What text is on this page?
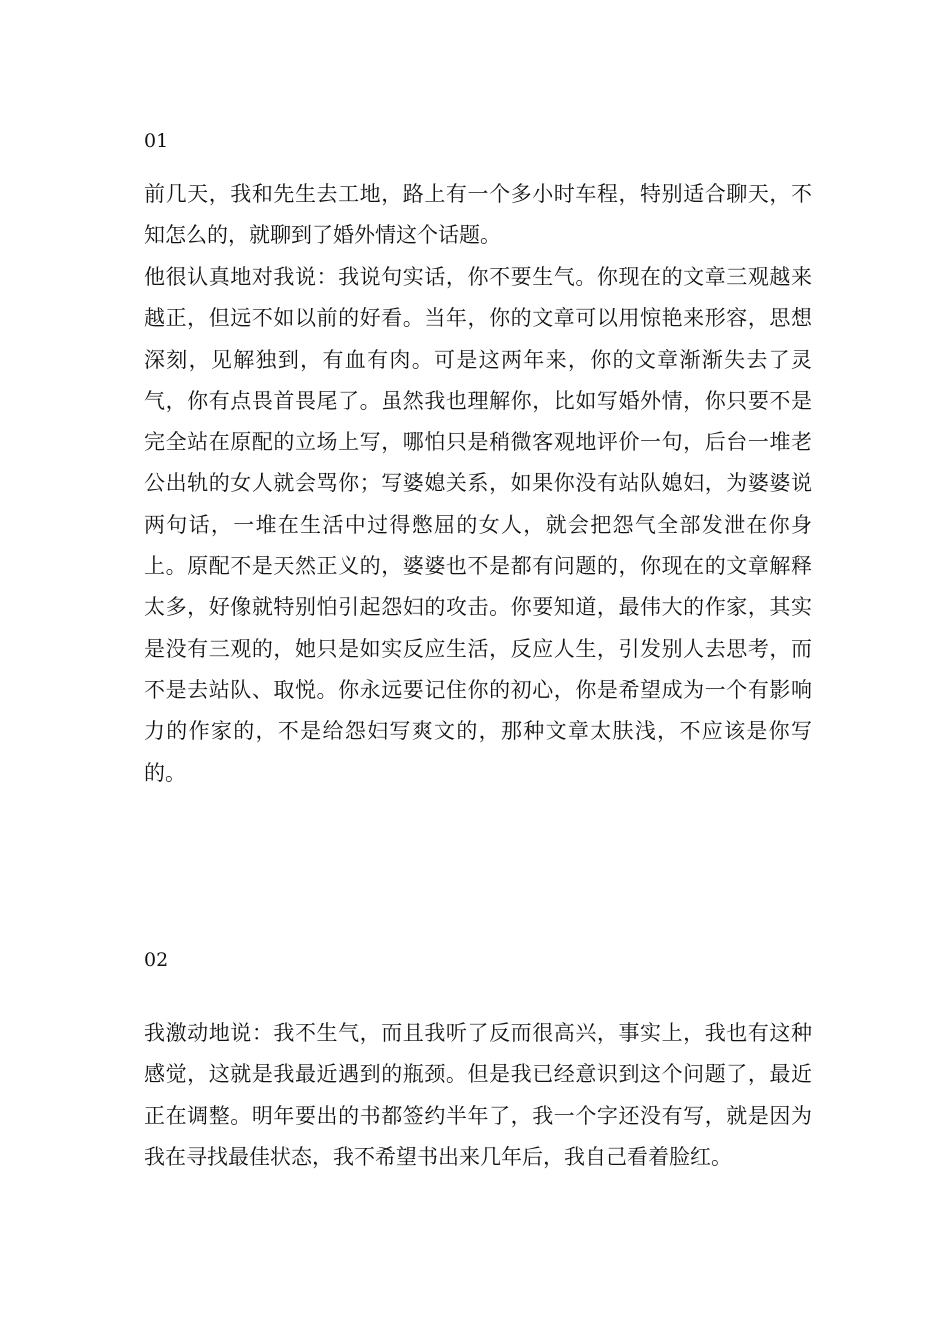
01

前几天，我和先生去工地，路上有一个多小时车程，特别适合聊天，不知怎么的，就聊到了婚外情这个话题。

他很认真地对我说：我说句实话，你不要生气。你现在的文章三观越来越正，但远不如以前的好看。当年，你的文章可以用惊艳来形容，思想深刻，见解独到，有血有肉。可是这两年来，你的文章渐渐失去了灵气，你有点畏首畏尾了。虽然我也理解你，比如写婚外情，你只要不是完全站在原配的立场上写，哪怕只是稍微客观地评价一句，后台一堆老公出轨的女人就会骂你；写婆媳关系，如果你没有站队媳妇，为婆婆说两句话，一堆在生活中过得憋屈的女人，就会把怨气全部发泄在你身上。原配不是天然正义的，婆婆也不是都有问题的，你现在的文章解释太多，好像就特别怕引起怨妇的攻击。你要知道，最伟大的作家，其实是没有三观的，她只是如实反应生活，反应人生，引发别人去思考，而不是去站队、取悦。你永远要记住你的初心，你是希望成为一个有影响力的作家的，不是给怨妇写爽文的，那种文章太肤浅，不应该是你写的。

02

我激动地说：我不生气，而且我听了反而很高兴，事实上，我也有这种感觉，这就是我最近遇到的瓶颈。但是我已经意识到这个问题了，最近正在调整。明年要出的书都签约半年了，我一个字还没有写，就是因为我在寻找最佳状态，我不希望书出来几年后，我自己看着脸红。
